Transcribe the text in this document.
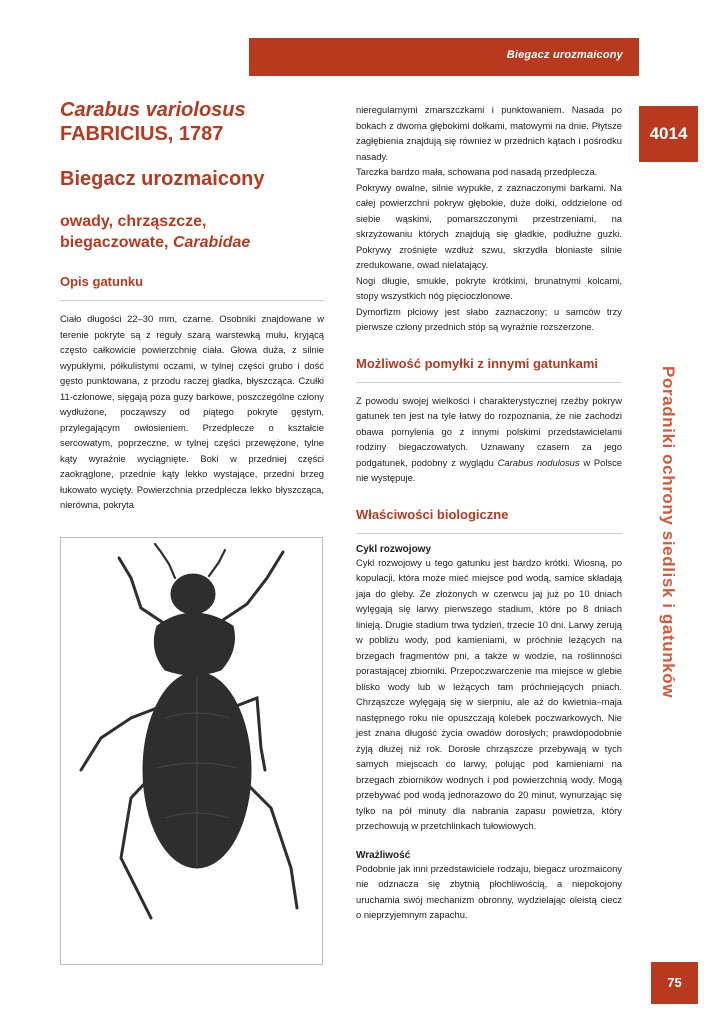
Biegacz urozmaicony
4014
Poradniki ochrony siedlisk i gatunków
75
Carabus variolosus
FABRICIUS, 1787
Biegacz urozmaicony
owady, chrząszcze,
biegaczowate, Carabidae
Opis gatunku

Ciało długości 22–30 mm, czarne. Osobniki znajdowane w terenie pokryte są z reguły szarą warstewką mułu, kryjącą często całkowicie powierzchnię ciała. Głowa duża, z silnie wypukłymi, półkulistymi oczami, w tylnej części grubo i dość gęsto punktowana, z przodu raczej gładka, błyszcząca. Czułki 11-członowe, sięgają poza guzy barkowe, poszczególne człony wydłużone, począwszy od piątego pokryte gęstym, przylegającym owłosieniem. Przedplecze o kształcie sercowatym, poprzeczne, w tylnej części przewężone, tylne kąty wyraźnie wyciągnięte. Boki w przedniej części zaokrąglone, przednie kąty lekko wystające, przedni brzeg łukowato wycięty. Powierzchnia przedplecza lekko błyszcząca, nierówna, pokryta

nieregularnymi zmarszczkami i punktowaniem. Nasada po bokach z dwoma głębokimi dołkami, matowymi na dnie. Płytsze zagłębienia znajdują się również w przednich kątach i pośrodku nasady.

Tarczka bardzo mała, schowana pod nasadą przedplecza.

Pokrywy owalne, silnie wypukłe, z zaznaczonymi barkami. Na całej powierzchni pokryw głębokie, duże dołki, oddzielone od siebie wąskimi, pomarszczonymi przestrzeniami, na skrzyżowaniu których znajdują się gładkie, podłużne guzki. Pokrywy zrośnięte wzdłuż szwu, skrzydła błoniaste silnie zredukowane, owad nielatający.

Nogi długie, smukłe, pokryte krótkimi, brunatnymi kolcami, stopy wszystkich nóg pięcioczłonowe.

Dymorfizm płciowy jest słabo zaznaczony; u samców trzy pierwsze człony przednich stóp są wyraźnie rozszerzone.

Możliwość pomyłki z innymi gatunkami

Z powodu swojej wielkości i charakterystycznej rzeźby pokryw gatunek ten jest na tyle łatwy do rozpoznania, że nie zachodzi obawa pomylenia go z innymi polskimi przedstawicielami rodziny biegaczowatych. Uznawany czasem za jego podgatunek, podobny z wyglądu Carabus nodulosus w Polsce nie występuje.

Właściwości biologiczne
Cykl rozwojowy

Cykl rozwojowy u tego gatunku jest bardzo krótki. Wiosną, po kopulacji, która może mieć miejsce pod wodą, samice składają jaja do gleby. Ze złożonych w czerwcu jaj już po 10 dniach wylęgają się larwy pierwszego stadium, które po 8 dniach linieją. Drugie stadium trwa tydzień, trzecie 10 dni. Larwy żerują w pobliżu wody, pod kamieniami, w próchnie leżących na brzegach fragmentów pni, a także w wodzie, na roślinności porastającej zbiorniki. Przepoczwarczenie ma miejsce w glebie blisko wody lub w leżących tam próchniejących pniach. Chrząszcze wylęgają się w sierpniu, ale aż do kwietnia–maja następnego roku nie opuszczają kolebek poczwarkowych. Nie jest znana długość życia owadów dorosłych; prawdopodobnie żyją dłużej niż rok. Dorosłe chrząszcze przebywają w tych samych miejscach co larwy, polując pod kamieniami na brzegach zbiorników wodnych i pod powierzchnią wody. Mogą przebywać pod wodą jednorazowo do 20 minut, wynurzając się tylko na pół minuty dla nabrania zapasu powietrza, który przechowują w przetchlinkach tułowiowych.

Wrażliwość

Podobnie jak inni przedstawiciele rodzaju, biegacz urozmaicony nie odznacza się zbytnią płochliwością, a niepokojony uruchamia swój mechanizm obronny, wydzielając oleistą ciecz o nieprzyjemnym zapachu.
